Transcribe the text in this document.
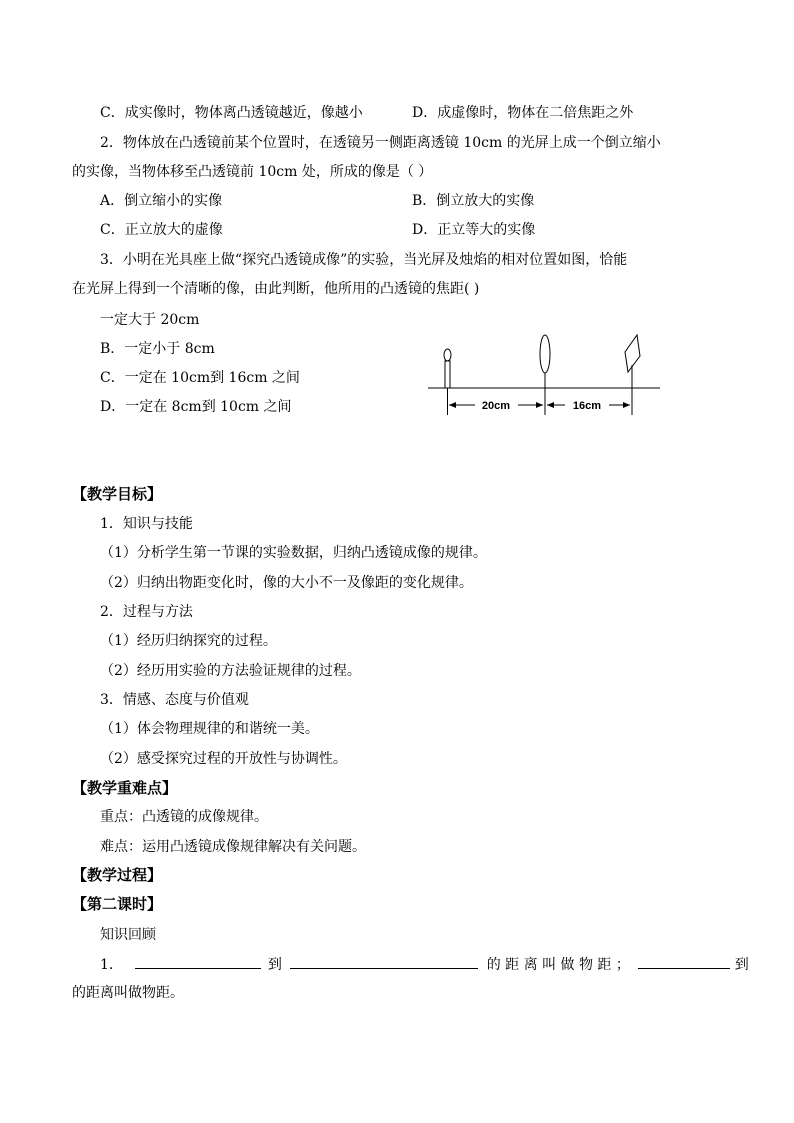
C．成实像时，物体离凸透镜越近，像越小	D．成虚像时，物体在二倍焦距之外
2．物体放在凸透镜前某个位置时，在透镜另一侧距离透镜 10cm 的光屏上成一个倒立缩小
的实像，当物体移至凸透镜前 10cm 处，所成的像是（ ）
A．倒立缩小的实像	B．倒立放大的实像
C．正立放大的虚像	D．正立等大的实像
3．小明在光具座上做“探究凸透镜成像”的实验，当光屏及烛焰的相对位置如图，恰能
在光屏上得到一个清晰的像，由此判断，他所用的凸透镜的焦距( )
一定大于 20cm
B．一定小于 8cm
C．一定在 10cm到 16cm 之间
D．一定在 8cm到 10cm 之间	20cm	16cm
【教学目标】
1．知识与技能
（1）分析学生第一节课的实验数据，归纳凸透镜成像的规律。
（2）归纳出物距变化时，像的大小不一及像距的变化规律。
2．过程与方法
（1）经历归纳探究的过程。
（2）经历用实验的方法验证规律的过程。
3．情感、态度与价值观
（1）体会物理规律的和谐统一美。
（2）感受探究过程的开放性与协调性。
【教学重难点】
重点：凸透镜的成像规律。
难点：运用凸透镜成像规律解决有关问题。
【教学过程】
【第二课时】
知识回顾
1．	到	的 距 离 叫 做 物 距 ；	到
的距离叫做物距。
